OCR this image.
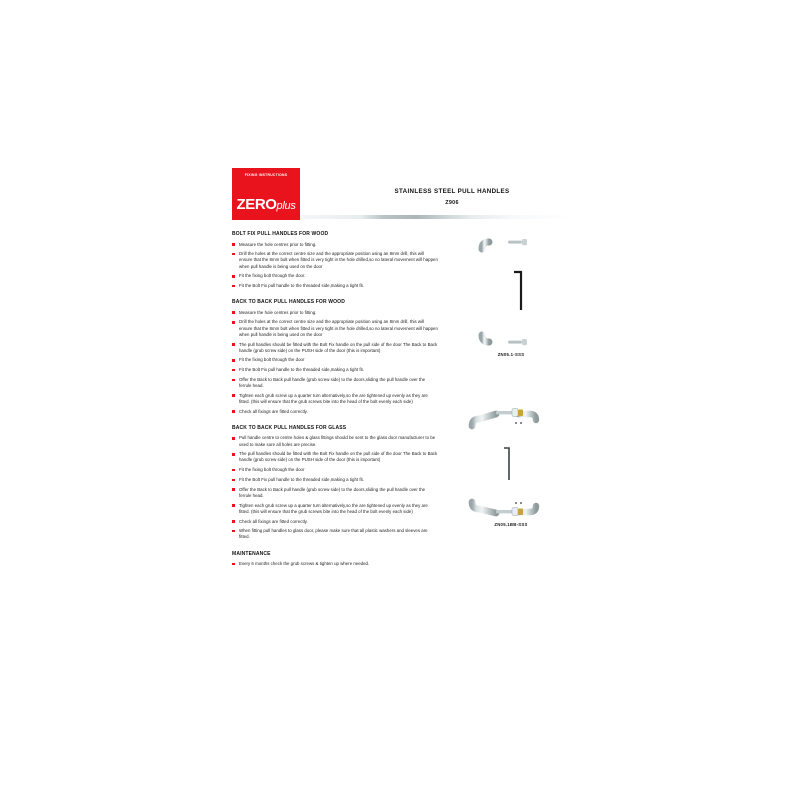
FIXING INSTRUCTIONS
ZEROplus
STAINLESS STEEL PULL HANDLES
Z906
BOLT FIX PULL HANDLES FOR WOOD
Measure the hole centres prior to fitting.
Drill the holes at the correct centre size and the appropriate position using an 8mm drill, this will ensure that the 8mm bolt when fitted is very tight in the hole drilled,so no lateral movement will happen when pull handle is being used on the door
Fit the fixing bolt through the door.
Fit the Bolt Fix pull handle to the threaded side,making a tight fit.
BACK TO BACK PULL HANDLES FOR WOOD
Measure the hole centres prior to fitting.
Drill the holes at the correct centre size and the appropriate position using an 8mm drill, this will ensure that the 8mm bolt when fitted is very tight in the hole drilled,so no lateral movement will happen when pull handle is being used on the door
The pull handles should be fitted with the Bolt Fix handle on the pull side of the door The Back to Back handle (grub screw side) on the PUSH side of the door (this is important)
Fit the fixing bolt through the door
Fit the Bolt Fix pull handle to the threaded side,making a tight fit.
Offer the Back to Back pull handle (grub screw side) to the doors,sliding the pull handle over the ferrule head.
Tighten each grub screw up a quarter turn alternatively,so the are tightened up evenly as they are fitted. (this will ensure that the grub screws bite into the head of the bolt evenly each side)
Check all fixings are fitted correctly.
BACK TO BACK PULL HANDLES FOR GLASS
Pull handle centre to centre holes & glass fittings should be sent to the glass door manufacturer to be used to make sure all holes are precise.
The pull handles should be fitted with the Bolt Fix handle on the pull side of the door The Back to Back handle (grub screw side) on the PUSH side of the door (this is important)
Fit the fixing bolt through the door
Fit the Bolt Fix pull handle to the threaded side,making a tight fit.
Offer the Back to Back pull handle (grub screw side) to the doors,sliding the pull handle over the ferrule head.
Tighten each grub screw up a quarter turn alternatively,so the are tightened up evenly as they are fitted. (this will ensure that the grub screws bite into the head of the bolt evenly each side)
Check all fixings are fitted correctly.
When fitting pull handles to glass door, please make sure that all plastic washers and sleeves are fitted.
MAINTENANCE
Every 6 months check the grub screws & tighten up where needed.
ZN05.1-SSS
ZN05.1BB-SSS
